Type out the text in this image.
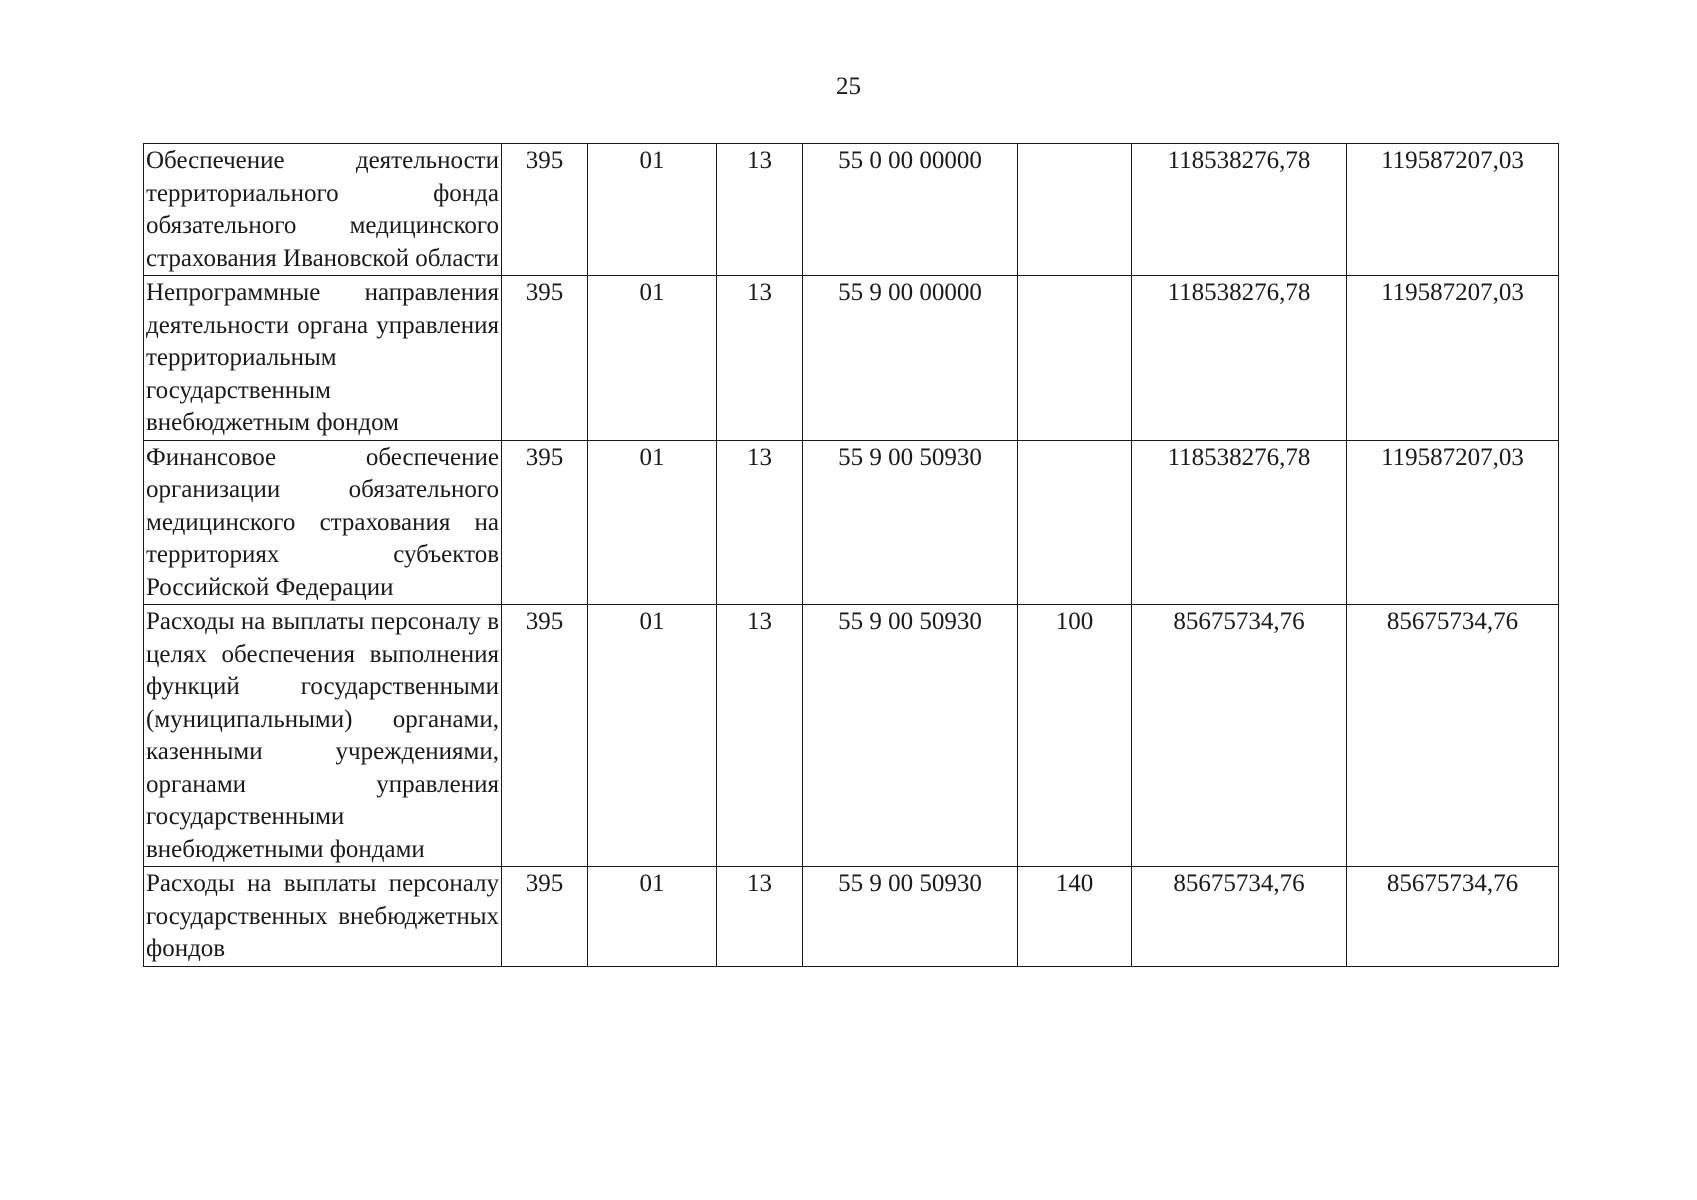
25
Обеспечение деятельности территориального фонда обязательного медицинского страхования Ивановской области	395	01	13	55 0 00 00000		118538276,78	119587207,03
Непрограммные направления деятельности органа управления территориальным государственным внебюджетным фондом	395	01	13	55 9 00 00000		118538276,78	119587207,03
Финансовое обеспечение организации обязательного медицинского страхования на территориях субъектов Российской Федерации	395	01	13	55 9 00 50930		118538276,78	119587207,03
Расходы на выплаты персоналу в целях обеспечения выполнения функций государственными (муниципальными) органами, казенными учреждениями, органами управления государственными внебюджетными фондами	395	01	13	55 9 00 50930	100	85675734,76	85675734,76
Расходы на выплаты персоналу государственных внебюджетных фондов	395	01	13	55 9 00 50930	140	85675734,76	85675734,76
